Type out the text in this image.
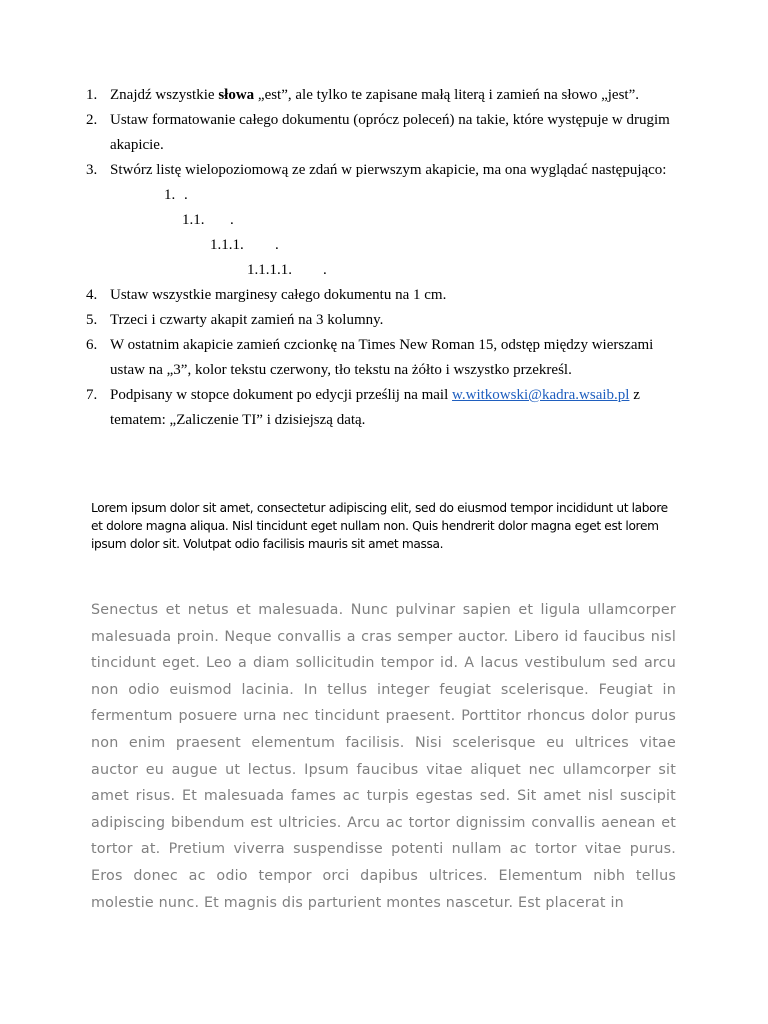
1. Znajdź wszystkie słowa „est”, ale tylko te zapisane małą literą i zamień na słowo „jest”.
2. Ustaw formatowanie całego dokumentu (oprócz poleceń) na takie, które występuje w drugim akapicie.
3. Stwórz listę wielopoziomową ze zdań w pierwszym akapicie, ma ona wyglądać następująco:
1. .
1.1. .
1.1.1. .
1.1.1.1. .
4. Ustaw wszystkie marginesy całego dokumentu na 1 cm.
5. Trzeci i czwarty akapit zamień na 3 kolumny.
6. W ostatnim akapicie zamień czcionkę na Times New Roman 15, odstęp między wierszami ustaw na „3”, kolor tekstu czerwony, tło tekstu na żółto i wszystko przekreśl.
7. Podpisany w stopce dokument po edycji prześlij na mail w.witkowski@kadra.wsaib.pl z tematem: „Zaliczenie TI” i dzisiejszą datą.

Lorem ipsum dolor sit amet, consectetur adipiscing elit, sed do eiusmod tempor incididunt ut labore et dolore magna aliqua. Nisl tincidunt eget nullam non. Quis hendrerit dolor magna eget est lorem ipsum dolor sit. Volutpat odio facilisis mauris sit amet massa.

Senectus et netus et malesuada. Nunc pulvinar sapien et ligula ullamcorper malesuada proin. Neque convallis a cras semper auctor. Libero id faucibus nisl tincidunt eget. Leo a diam sollicitudin tempor id. A lacus vestibulum sed arcu non odio euismod lacinia. In tellus integer feugiat scelerisque. Feugiat in fermentum posuere urna nec tincidunt praesent. Porttitor rhoncus dolor purus non enim praesent elementum facilisis. Nisi scelerisque eu ultrices vitae auctor eu augue ut lectus. Ipsum faucibus vitae aliquet nec ullamcorper sit amet risus. Et malesuada fames ac turpis egestas sed. Sit amet nisl suscipit adipiscing bibendum est ultricies. Arcu ac tortor dignissim convallis aenean et tortor at. Pretium viverra suspendisse potenti nullam ac tortor vitae purus. Eros donec ac odio tempor orci dapibus ultrices. Elementum nibh tellus molestie nunc. Et magnis dis parturient montes nascetur. Est placerat in
